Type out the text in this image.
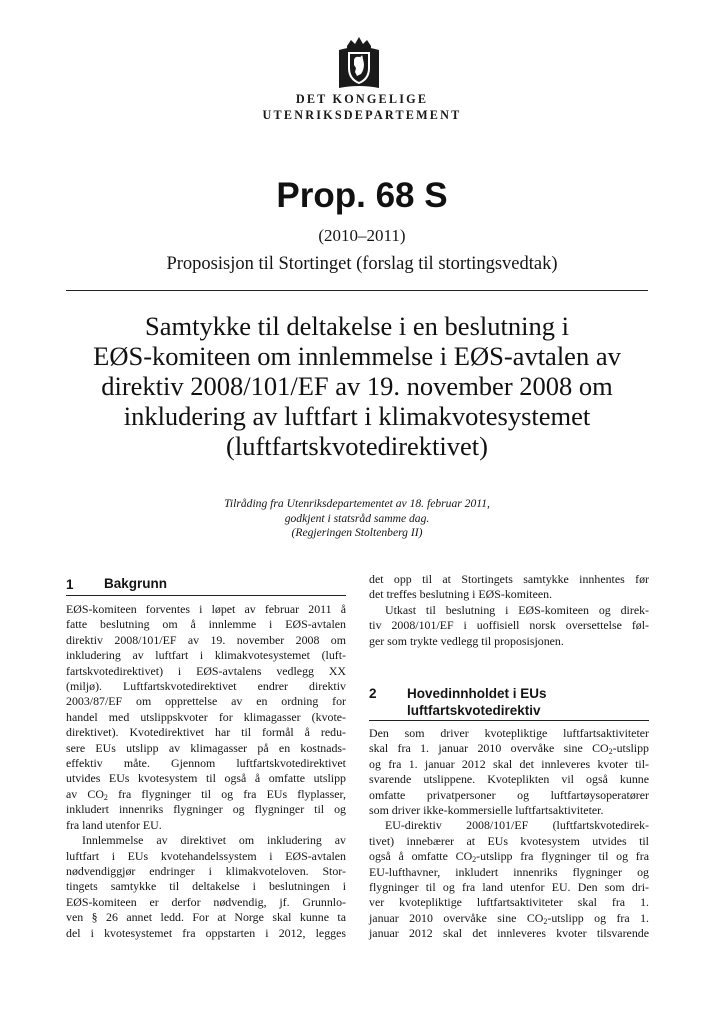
DET KONGELIGE
UTENRIKSDEPARTEMENT
Prop. 68 S
(2010–2011)
Proposisjon til Stortinget (forslag til stortingsvedtak)
Samtykke til deltakelse i en beslutning i
EØS-komiteen om innlemmelse i EØS-avtalen av
direktiv 2008/101/EF av 19. november 2008 om
inkludering av luftfart i klimakvotesystemet
(luftfartskvotedirektivet)
Tilråding fra Utenriksdepartementet av 18. februar 2011,
godkjent i statsråd samme dag.
(Regjeringen Stoltenberg II)
1 Bakgrunn
EØS-komiteen forventes i løpet av februar 2011 å
fatte beslutning om å innlemme i EØS-avtalen
direktiv 2008/101/EF av 19. november 2008 om
inkludering av luftfart i klimakvotesystemet (luft-
fartskvotedirektivet) i EØS-avtalens vedlegg XX
(miljø). Luftfartskvotedirektivet endrer direktiv
2003/87/EF om opprettelse av en ordning for
handel med utslippskvoter for klimagasser (kvote-
direktivet). Kvotedirektivet har til formål å redu-
sere EUs utslipp av klimagasser på en kostnads-
effektiv måte. Gjennom luftfartskvotedirektivet
utvides EUs kvotesystem til også å omfatte utslipp
av $CO_2$ fra flygninger til og fra EUs flyplasser,
inkludert innenriks flygninger og flygninger til og
fra land utenfor EU.
Innlemmelse av direktivet om inkludering av
luftfart i EUs kvotehandelssystem i EØS-avtalen
nødvendiggjør endringer i klimakvoteloven. Stor-
tingets samtykke til deltakelse i beslutningen i
EØS-komiteen er derfor nødvendig, jf. Grunnlo-
ven § 26 annet ledd. For at Norge skal kunne ta
del i kvotesystemet fra oppstarten i 2012, legges
det opp til at Stortingets samtykke innhentes før
det treffes beslutning i EØS-komiteen.
Utkast til beslutning i EØS-komiteen og direk-
tiv 2008/101/EF i uoffisiell norsk oversettelse føl-
ger som trykte vedlegg til proposisjonen.
2 Hovedinnholdet i EUs
luftfartskvotedirektiv
Den som driver kvotepliktige luftfartsaktiviteter
skal fra 1. januar 2010 overvåke sine $CO_2$-utslipp
og fra 1. januar 2012 skal det innleveres kvoter til-
svarende utslippene. Kvoteplikten vil også kunne
omfatte privatpersoner og luftfartøysoperatører
som driver ikke-kommersielle luftfartsaktiviteter.
EU-direktiv 2008/101/EF (luftfartskvotedirek-
tivet) innebærer at EUs kvotesystem utvides til
også å omfatte $CO_2$-utslipp fra flygninger til og fra
EU-lufthavner, inkludert innenriks flygninger og
flygninger til og fra land utenfor EU. Den som dri-
ver kvotepliktige luftfartsaktiviteter skal fra 1.
januar 2010 overvåke sine $CO_2$-utslipp og fra 1.
januar 2012 skal det innleveres kvoter tilsvarende
